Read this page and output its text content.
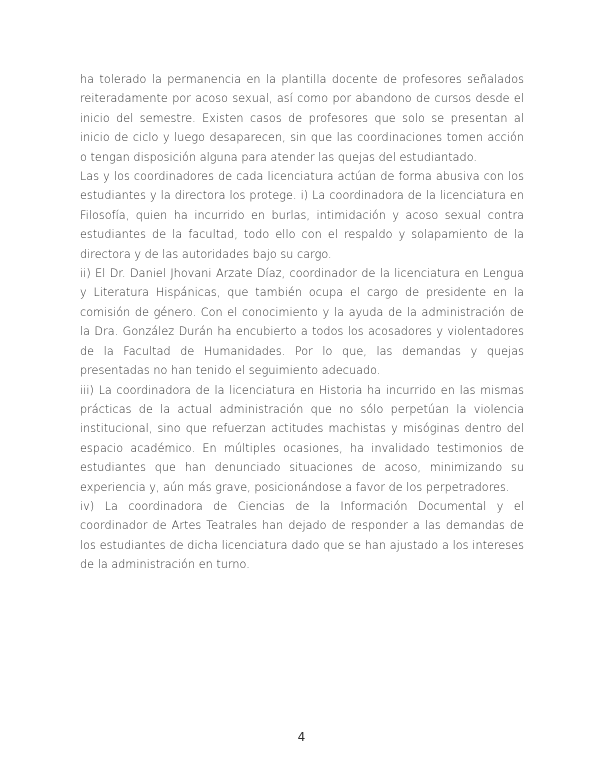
ha tolerado la permanencia en la plantilla docente de profesores señalados reiteradamente por acoso sexual, así como por abandono de cursos desde el inicio del semestre. Existen casos de profesores que solo se presentan al inicio de ciclo y luego desaparecen, sin que las coordinaciones tomen acción o tengan disposición alguna para atender las quejas del estudiantado.

Las y los coordinadores de cada licenciatura actúan de forma abusiva con los estudiantes y la directora los protege. i) La coordinadora de la licenciatura en Filosofía, quien ha incurrido en burlas, intimidación y acoso sexual contra estudiantes de la facultad, todo ello con el respaldo y solapamiento de la directora y de las autoridades bajo su cargo.

ii) El Dr. Daniel Jhovani Arzate Díaz, coordinador de la licenciatura en Lengua y Literatura Hispánicas, que también ocupa el cargo de presidente en la comisión de género. Con el conocimiento y la ayuda de la administración de la Dra. González Durán ha encubierto a todos los acosadores y violentadores de la Facultad de Humanidades. Por lo que, las demandas y quejas presentadas no han tenido el seguimiento adecuado.

iii) La coordinadora de la licenciatura en Historia ha incurrido en las mismas prácticas de la actual administración que no sólo perpetúan la violencia institucional, sino que refuerzan actitudes machistas y misóginas dentro del espacio académico. En múltiples ocasiones, ha invalidado testimonios de estudiantes que han denunciado situaciones de acoso, minimizando su experiencia y, aún más grave, posicionándose a favor de los perpetradores.

iv) La coordinadora de Ciencias de la Información Documental y el coordinador de Artes Teatrales han dejado de responder a las demandas de los estudiantes de dicha licenciatura dado que se han ajustado a los intereses de la administración en turno.

4
